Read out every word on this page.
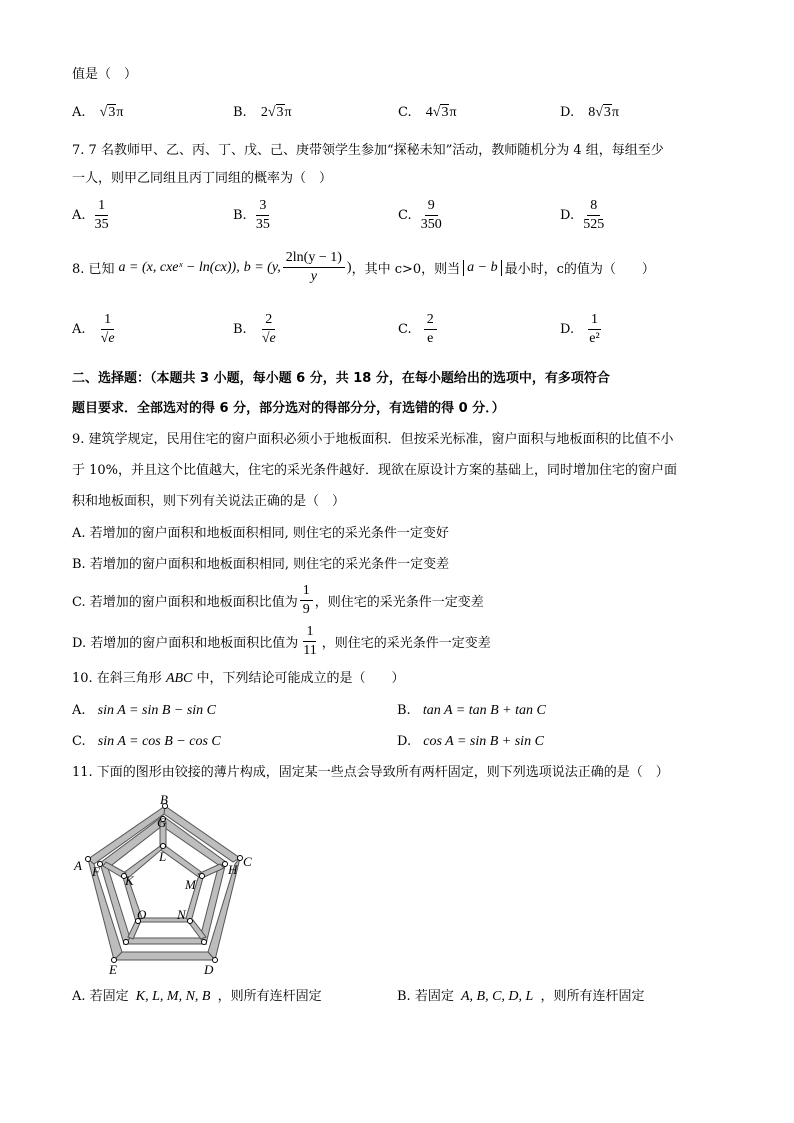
值是（　）
A. √3π	B. 2√3π	C. 4√3π	D. 8√3π
7. 7 名教师甲、乙、丙、丁、戊、己、庚带领学生参加“探秘未知”活动，教师随机分为 4 组，每组至少
一人，则甲乙同组且丙丁同组的概率为（　）
A. $\frac{1}{35}$	B. $\frac{3}{35}$	C. $\frac{9}{350}$	D. $\frac{8}{525}$
8. 已知 a = (x, cxeˣ − ln(cx)), b = (y, $\frac{2\ln(y - 1)}{y}$ ) ，其中 c>0，则当 a − b 最小时，c的值为（　　）
A. $\frac{1}{√e}$	B. $\frac{2}{√e}$	C. $\frac{2}{e}$	D. $\frac{1}{\text{e²}}$
二、选择题：（本题共 3 小题，每小题 6 分，共 18 分，在每小题给出的选项中，有多项符合
题目要求．全部选对的得 6 分，部分选对的得部分分，有选错的得 0 分．）
9. 建筑学规定，民用住宅的窗户面积必须小于地板面积．但按采光标准，窗户面积与地板面积的比值不小
于 10%，并且这个比值越大，住宅的采光条件越好．现欲在原设计方案的基础上，同时增加住宅的窗户面
积和地板面积，则下列有关说法正确的是（　）
A. 若增加的窗户面积和地板面积相同, 则住宅的采光条件一定变好
B. 若增加的窗户面积和地板面积相同, 则住宅的采光条件一定变差
C. 若增加的窗户面积和地板面积比值为 $\frac{1}{9}$ ，则住宅的采光条件一定变差
D. 若增加的窗户面积和地板面积比值为 $\frac{1}{11}$ ，则住宅的采光条件一定变差
10. 在斜三角形 ABC 中，下列结论可能成立的是（　　）
A. sin A = sin B − sin C	B. tan A = tan B + tan C
C. sin A = cos B − cos C	D. cos A = sin B + sin C
11. 下面的图形由铰接的薄片构成，固定某一些点会导致所有两杆固定，则下列选项说法正确的是（　）
B
G
L
A F
K
C
H
M
O N
E	D
A. 若固定 K, L, M, N, B ，则所有连杆固定	B. 若固定 A, B, C, D, L ，则所有连杆固定
